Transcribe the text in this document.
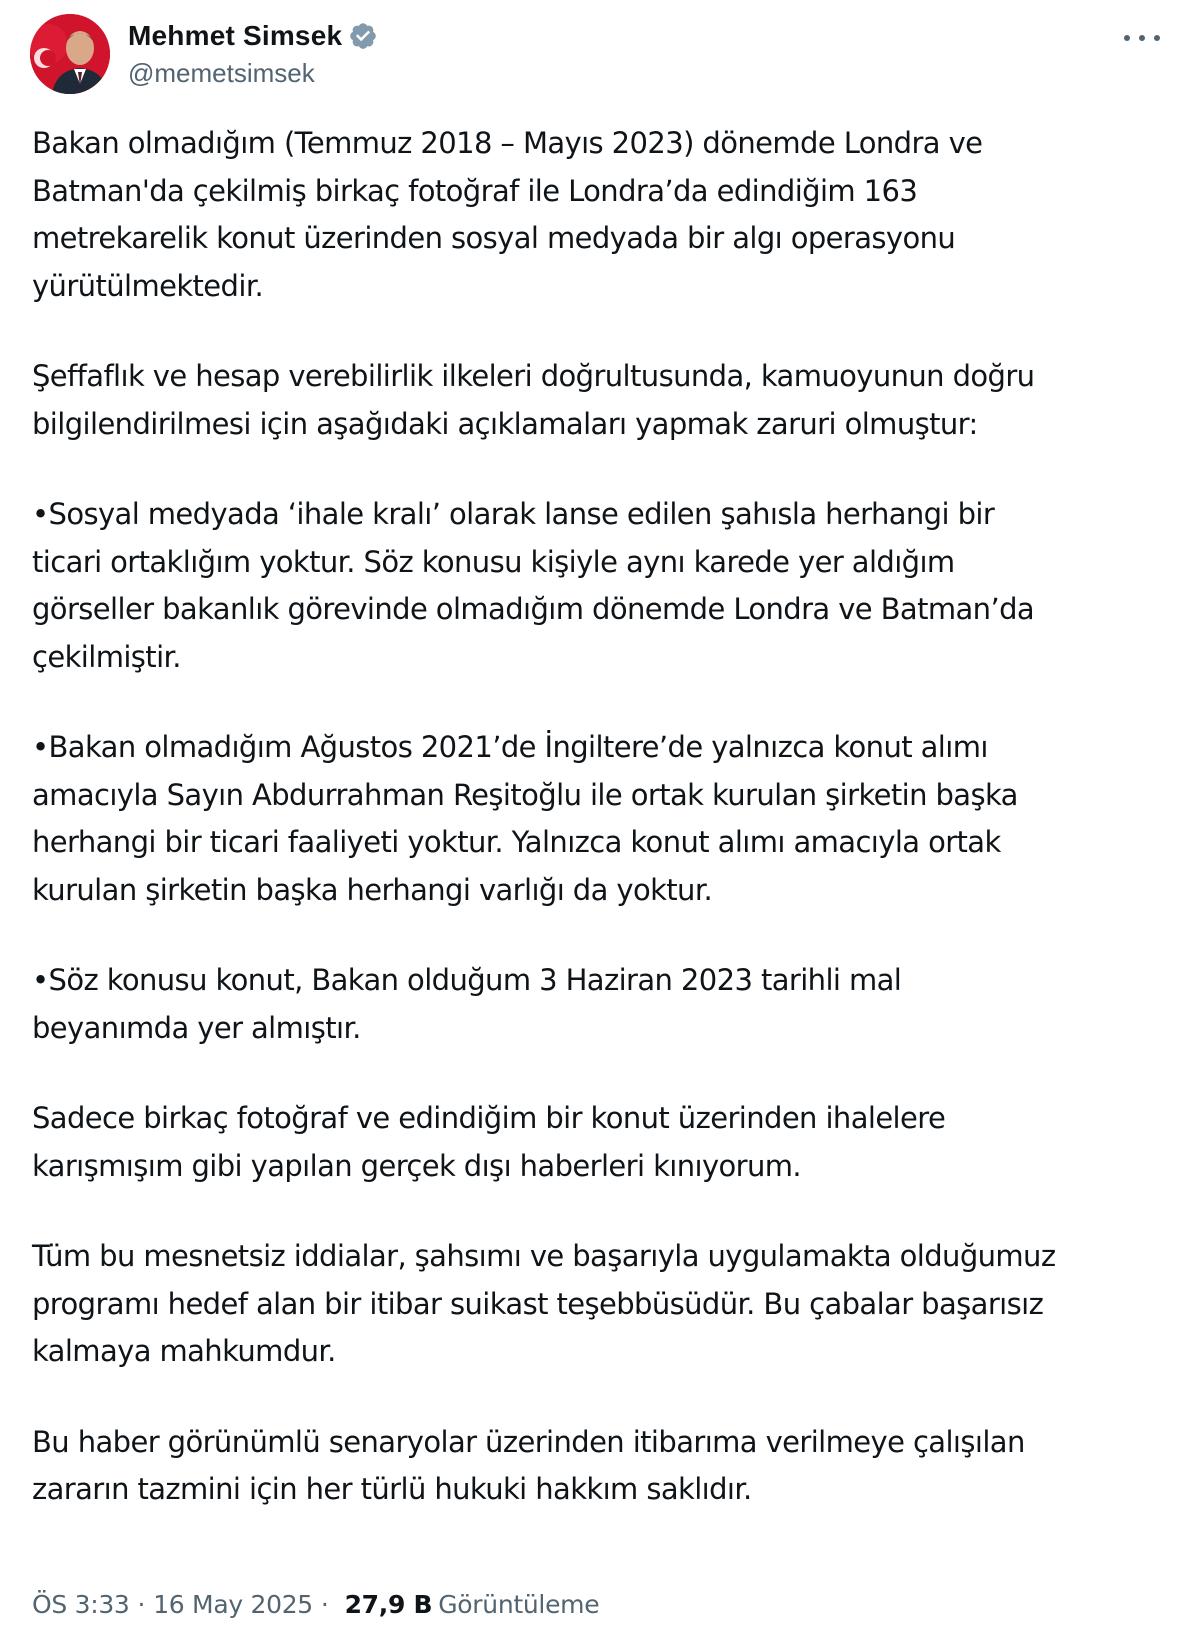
Mehmet Simsek
@memetsimsek
Bakan olmadığım (Temmuz 2018 – Mayıs 2023) dönemde Londra ve
Batman'da çekilmiş birkaç fotoğraf ile Londra’da edindiğim 163
metrekarelik konut üzerinden sosyal medyada bir algı operasyonu
yürütülmektedir.
Şeffaflık ve hesap verebilirlik ilkeleri doğrultusunda, kamuoyunun doğru
bilgilendirilmesi için aşağıdaki açıklamaları yapmak zaruri olmuştur:
•Sosyal medyada ‘ihale kralı’ olarak lanse edilen şahısla herhangi bir
ticari ortaklığım yoktur. Söz konusu kişiyle aynı karede yer aldığım
görseller bakanlık görevinde olmadığım dönemde Londra ve Batman’da
çekilmiştir.
•Bakan olmadığım Ağustos 2021’de İngiltere’de yalnızca konut alımı
amacıyla Sayın Abdurrahman Reşitoğlu ile ortak kurulan şirketin başka
herhangi bir ticari faaliyeti yoktur. Yalnızca konut alımı amacıyla ortak
kurulan şirketin başka herhangi varlığı da yoktur.
•Söz konusu konut, Bakan olduğum 3 Haziran 2023 tarihli mal
beyanımda yer almıştır.
Sadece birkaç fotoğraf ve edindiğim bir konut üzerinden ihalelere
karışmışım gibi yapılan gerçek dışı haberleri kınıyorum.
Tüm bu mesnetsiz iddialar, şahsımı ve başarıyla uygulamakta olduğumuz
programı hedef alan bir itibar suikast teşebbüsüdür. Bu çabalar başarısız
kalmaya mahkumdur.
Bu haber görünümlü senaryolar üzerinden itibarıma verilmeye çalışılan
zararın tazmini için her türlü hukuki hakkım saklıdır.
ÖS 3:33 · 16 May 2025 · 27,9 B Görüntüleme
